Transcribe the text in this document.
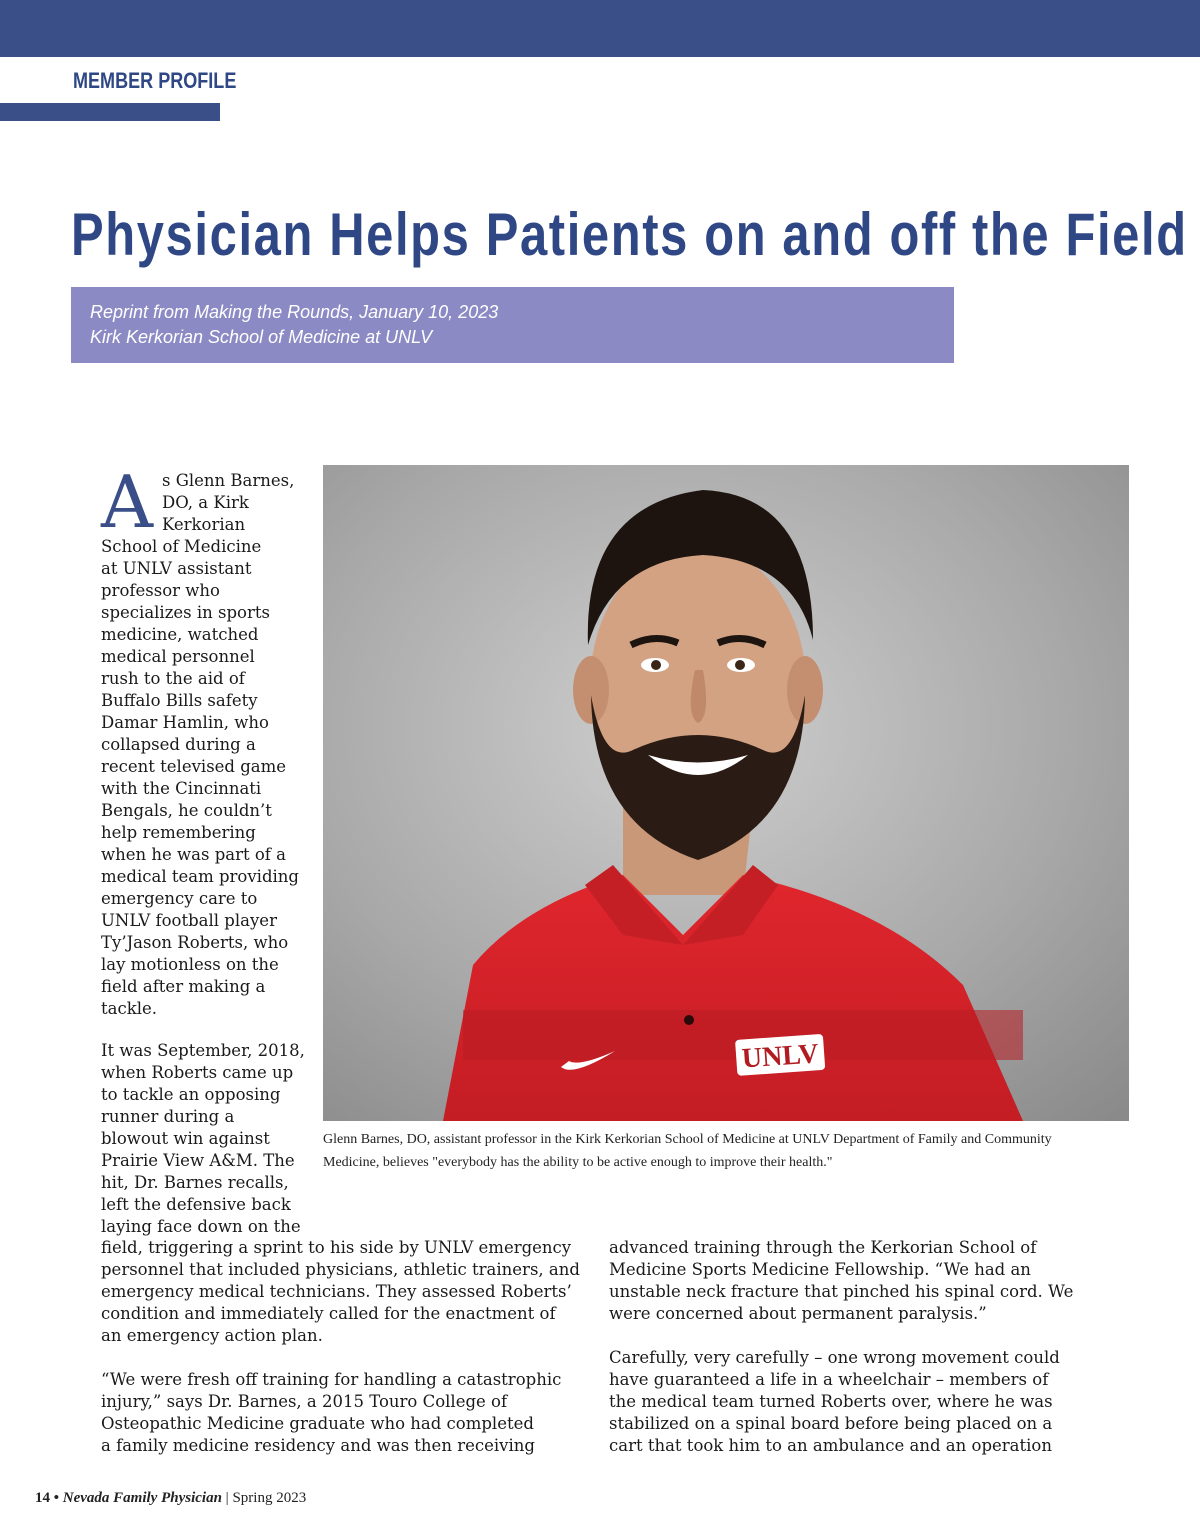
MEMBER PROFILE
Physician Helps Patients on and off the Field
Reprint from Making the Rounds, January 10, 2023
Kirk Kerkorian School of Medicine at UNLV
UNLV
Glenn Barnes, DO, assistant professor in the Kirk Kerkorian School of Medicine at UNLV Department of Family and Community
Medicine, believes "everybody has the ability to be active enough to improve their health."
A s Glenn Barnes,
DO, a Kirk
Kerkorian
School of Medicine
at UNLV assistant
professor who
specializes in sports
medicine, watched
medical personnel
rush to the aid of
Buffalo Bills safety
Damar Hamlin, who
collapsed during a
recent televised game
with the Cincinnati
Bengals, he couldn’t
help remembering
when he was part of a
medical team providing
emergency care to
UNLV football player
Ty’Jason Roberts, who
lay motionless on the
field after making a
tackle.
It was September, 2018,
when Roberts came up
to tackle an opposing
runner during a
blowout win against
Prairie View A&M. The
hit, Dr. Barnes recalls,
left the defensive back
laying face down on the
field, triggering a sprint to his side by UNLV emergency
personnel that included physicians, athletic trainers, and
emergency medical technicians. They assessed Roberts’
condition and immediately called for the enactment of
an emergency action plan.
“We were fresh off training for handling a catastrophic
injury,” says Dr. Barnes, a 2015 Touro College of
Osteopathic Medicine graduate who had completed
a family medicine residency and was then receiving
advanced training through the Kerkorian School of
Medicine Sports Medicine Fellowship. “We had an
unstable neck fracture that pinched his spinal cord. We
were concerned about permanent paralysis.”
Carefully, very carefully – one wrong movement could
have guaranteed a life in a wheelchair – members of
the medical team turned Roberts over, where he was
stabilized on a spinal board before being placed on a
cart that took him to an ambulance and an operation
14 • Nevada Family Physician | Spring 2023
